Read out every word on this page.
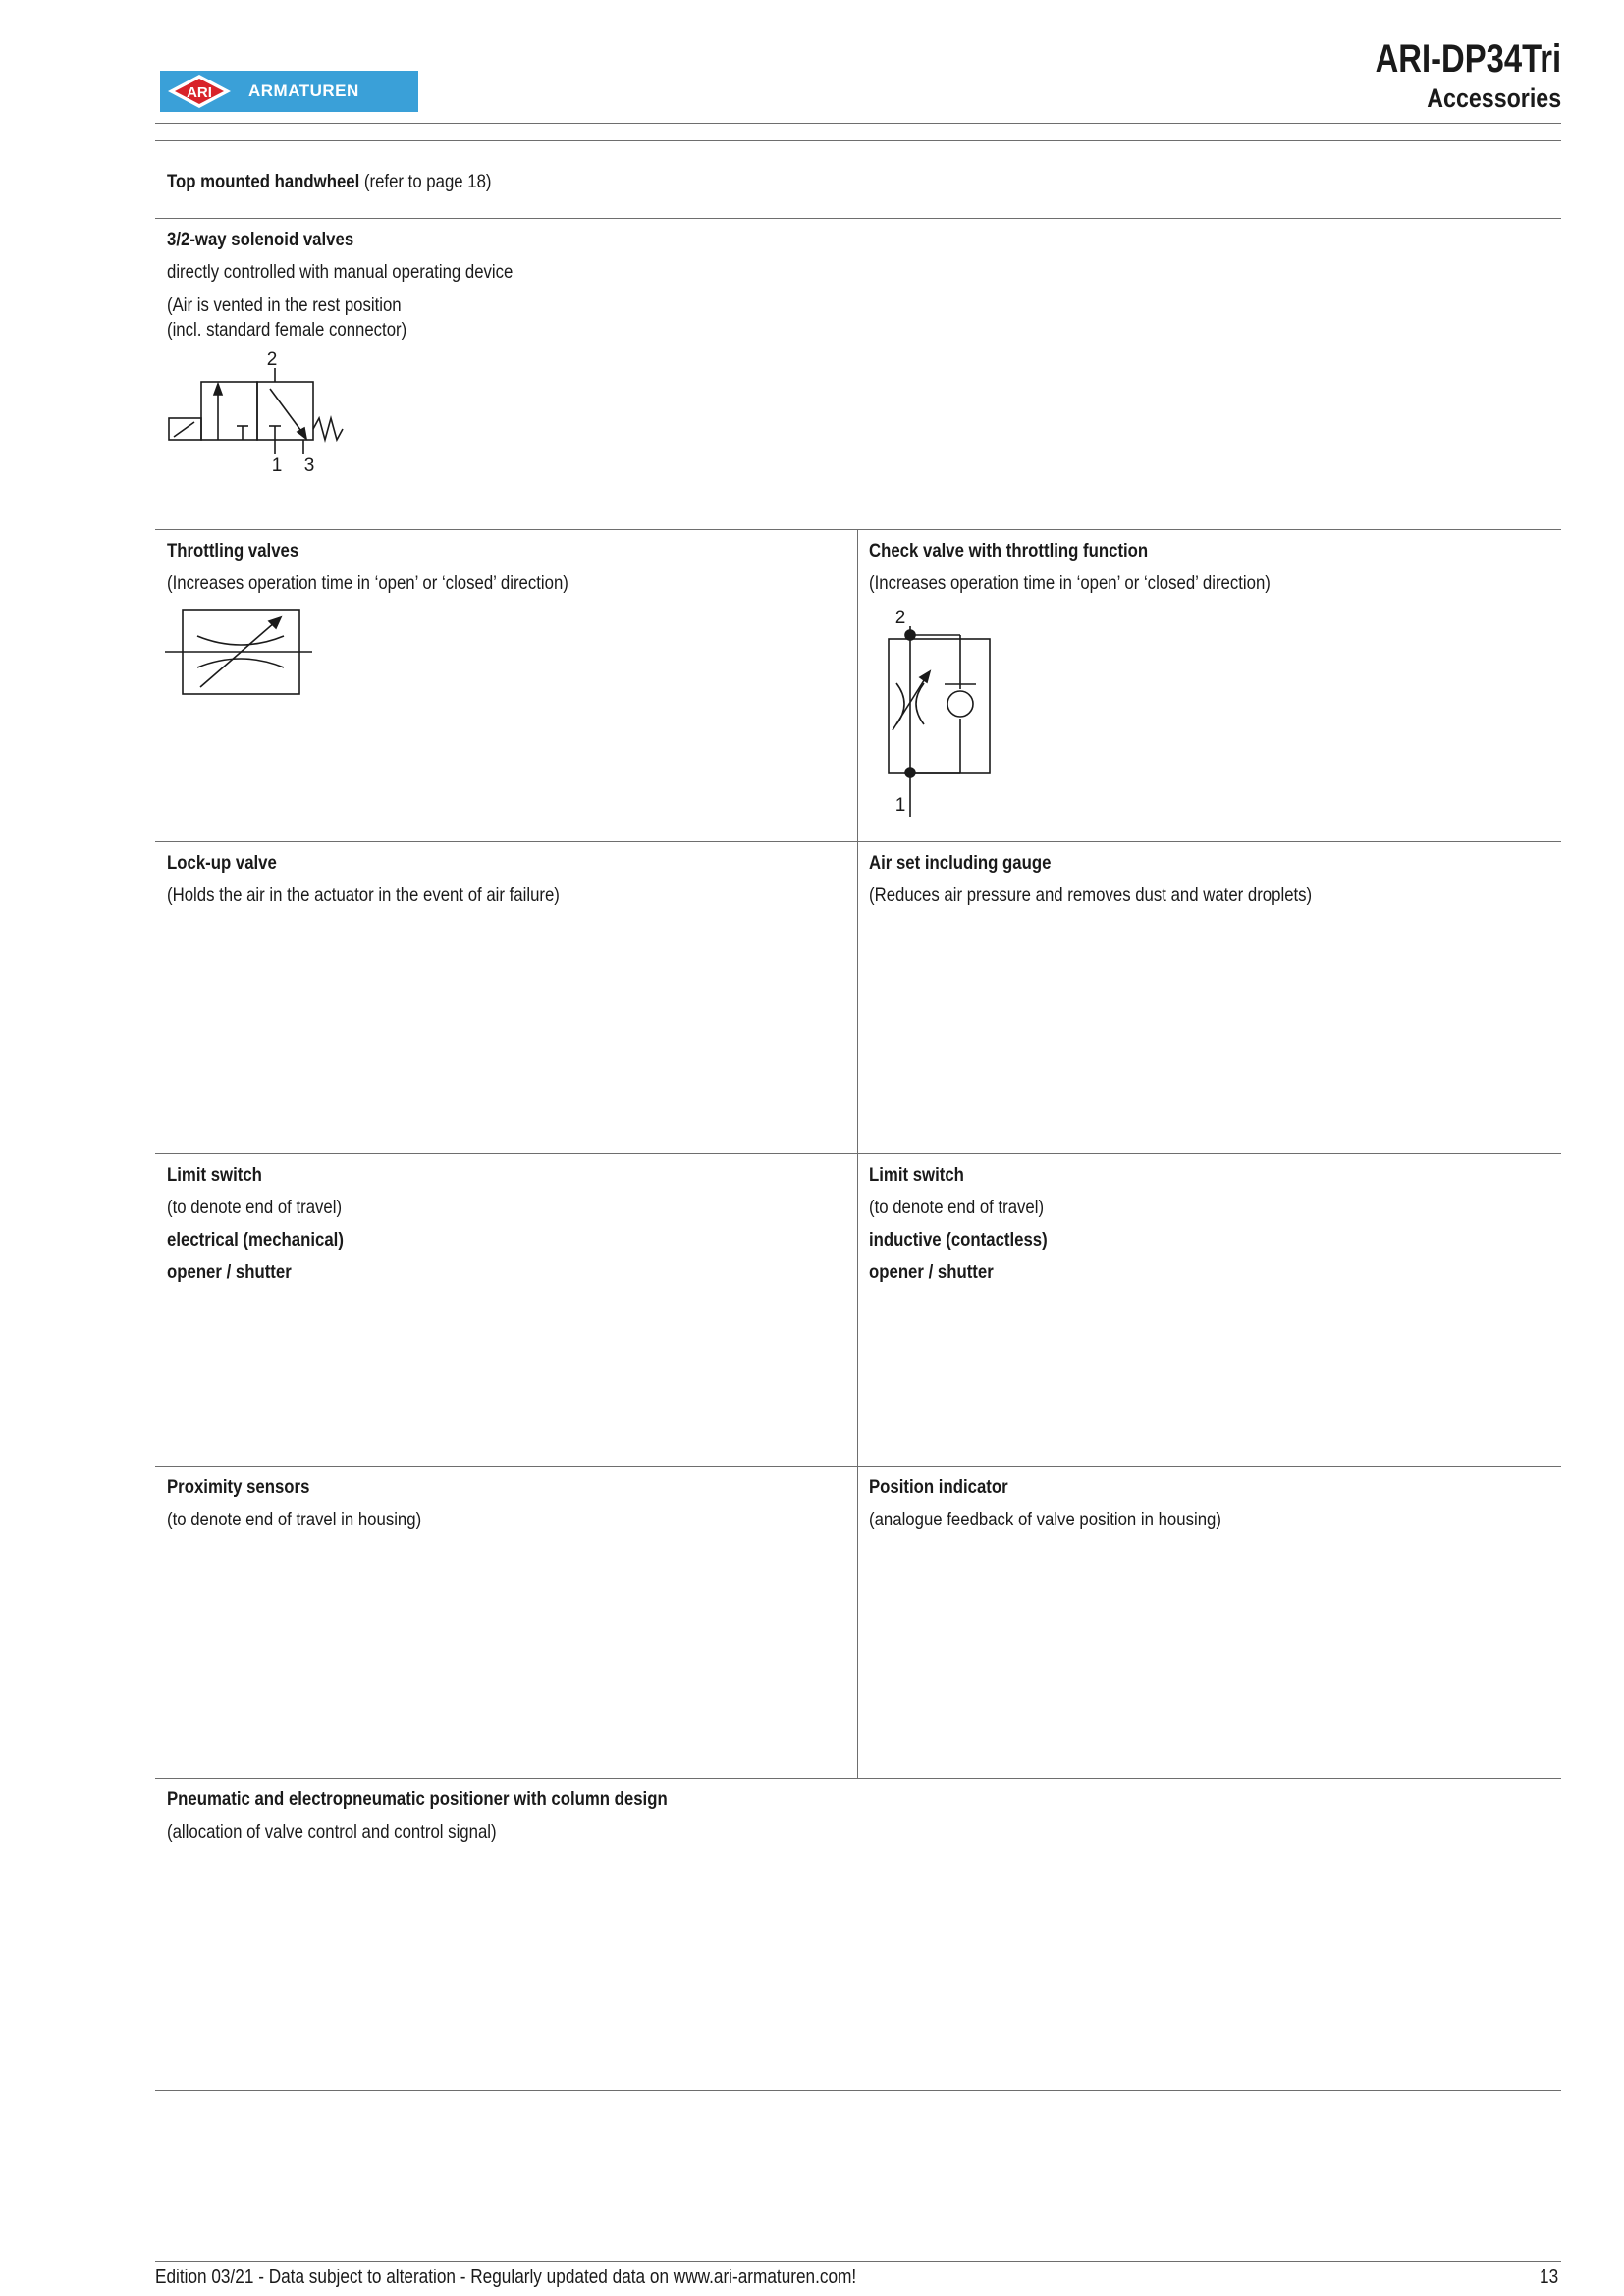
ARI ARMATUREN
ARI-DP34Tri
Accessories
Top mounted handwheel (refer to page 18)
3/2-way solenoid valves
directly controlled with manual operating device
(Air is vented in the rest position
(incl. standard female connector)
2
1 3
Throttling valves
(Increases operation time in ‘open’ or ‘closed’ direction)
Check valve with throttling function
(Increases operation time in ‘open’ or ‘closed’ direction)
2
1
Lock-up valve
(Holds the air in the actuator in the event of air failure)
Air set including gauge
(Reduces air pressure and removes dust and water droplets)
Limit switch
(to denote end of travel)
electrical (mechanical)
opener / shutter
Limit switch
(to denote end of travel)
inductive (contactless)
opener / shutter
Proximity sensors
(to denote end of travel in housing)
Position indicator
(analogue feedback of valve position in housing)
Pneumatic and electropneumatic positioner with column design
(allocation of valve control and control signal)
Edition 03/21 - Data subject to alteration - Regularly updated data on www.ari-armaturen.com!	13
